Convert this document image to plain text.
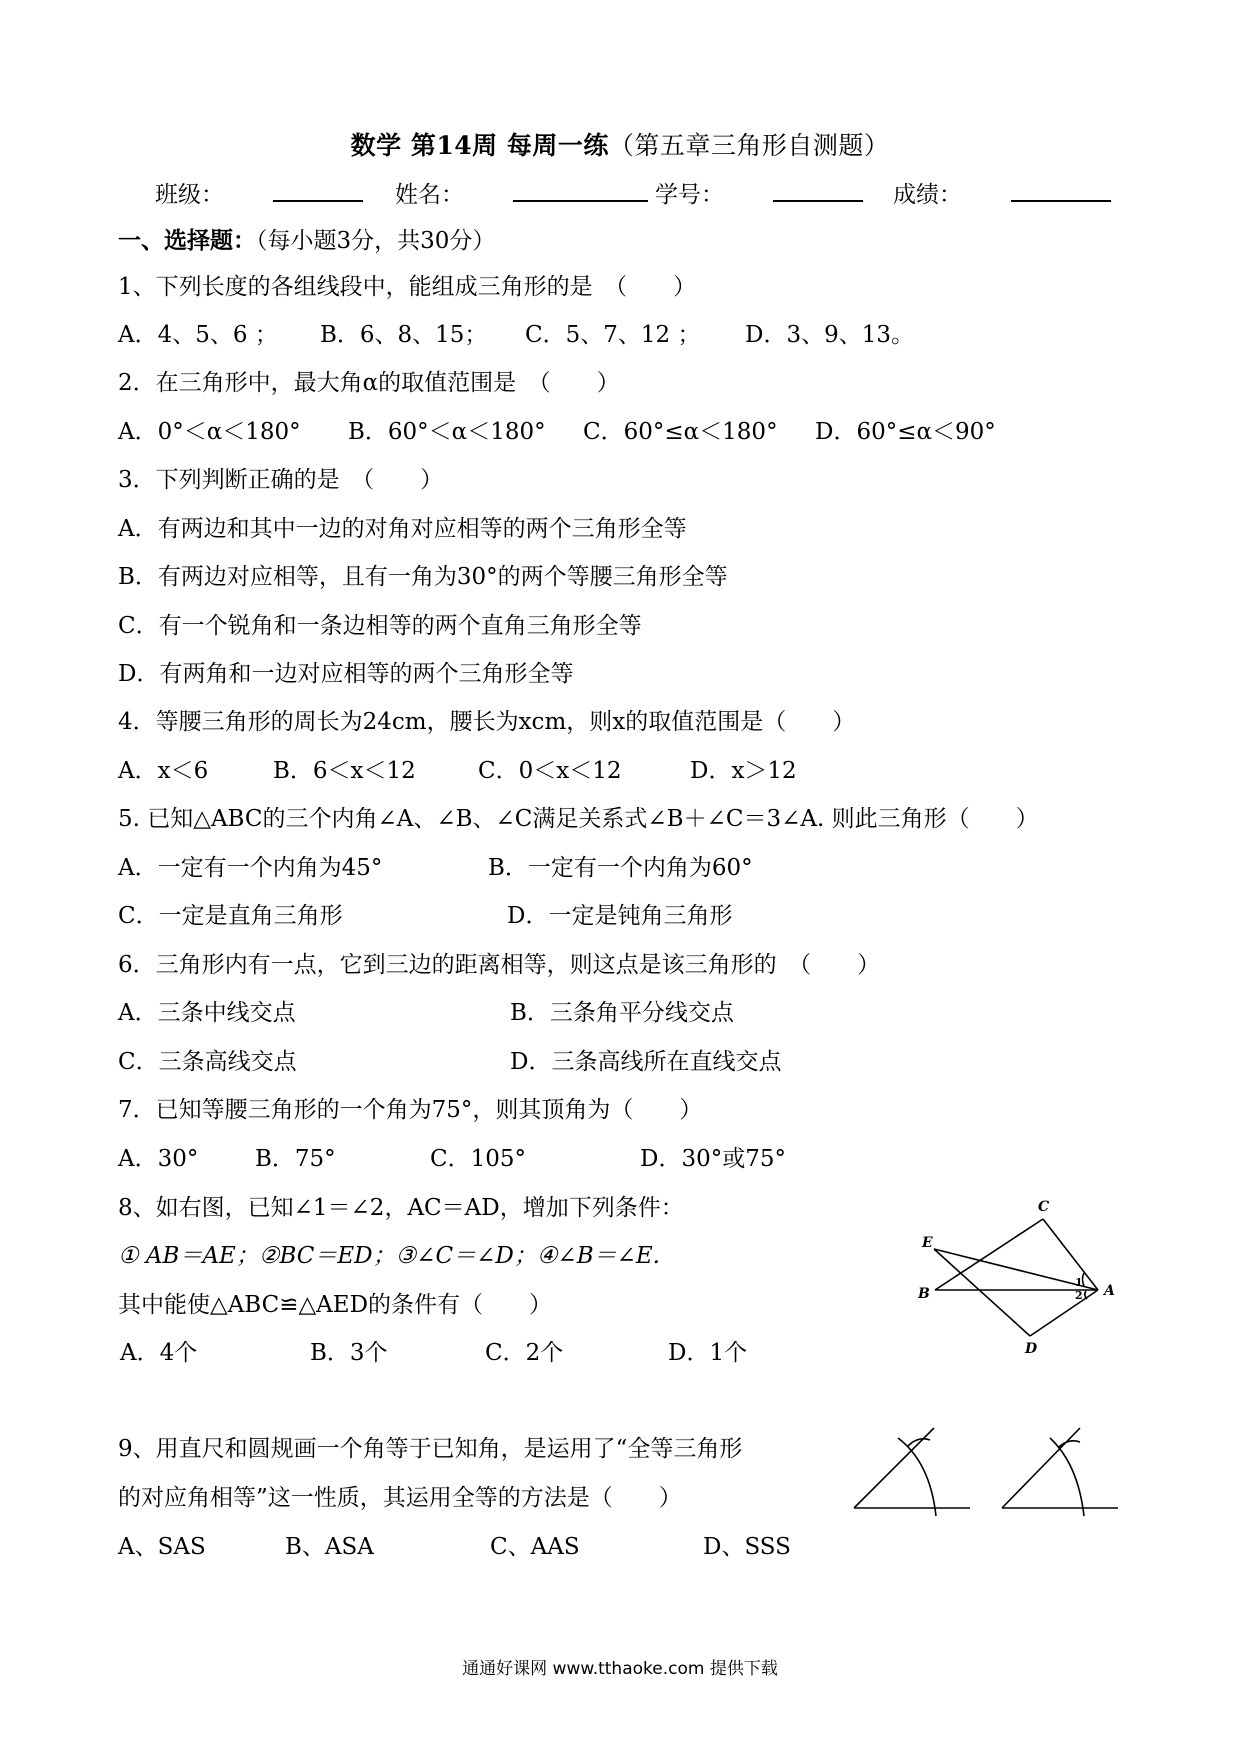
数学 第14周 每周一练（第五章三角形自测题）
班级：	姓名：	学号：	成绩：
一、选择题：（每小题3分，共30分）
1、下列长度的各组线段中，能组成三角形的是　（　　）
A．4、5、6 ； B．6、8、15； C．5、7、12 ； D．3、9、13。
2．在三角形中，最大角α的取值范围是　（　　）
A．0°＜α＜180° B．60°＜α＜180° C．60°≤α＜180° D．60°≤α＜90°
3．下列判断正确的是　（　　）
A．有两边和其中一边的对角对应相等的两个三角形全等
B．有两边对应相等，且有一角为30°的两个等腰三角形全等
C．有一个锐角和一条边相等的两个直角三角形全等
D．有两角和一边对应相等的两个三角形全等
4．等腰三角形的周长为24cm，腰长为xcm，则x的取值范围是（　　）
A．x＜6	B．6＜x＜12	C．0＜x＜12	D．x＞12
5. 已知△ABC的三个内角∠A、∠B、∠C满足关系式∠B＋∠C＝3∠A. 则此三角形（　　）
A．一定有一个内角为45°	B．一定有一个内角为60°
C．一定是直角三角形	D．一定是钝角三角形
6．三角形内有一点，它到三边的距离相等，则这点是该三角形的　（　　）
A．三条中线交点	B．三条角平分线交点
C．三条高线交点	D．三条高线所在直线交点
7．已知等腰三角形的一个角为75°，则其顶角为（　　）
A．30° B．75°	C．105°	D．30°或75°
8、如右图，已知∠1＝∠2，AC＝AD，增加下列条件：
① AB＝AE；②BC＝ED；③∠C＝∠D；④∠B＝∠E.
其中能使△ABC≌△AED的条件有（　　）
A．4个	B．3个	C．2个	D．1个
C
E
B	A
D
1
2
9、用直尺和圆规画一个角等于已知角，是运用了“全等三角形
的对应角相等”这一性质，其运用全等的方法是（　　）
A、SAS	B、ASA	C、AAS	D、SSS
通通好课网 www.tthaoke.com 提供下载
